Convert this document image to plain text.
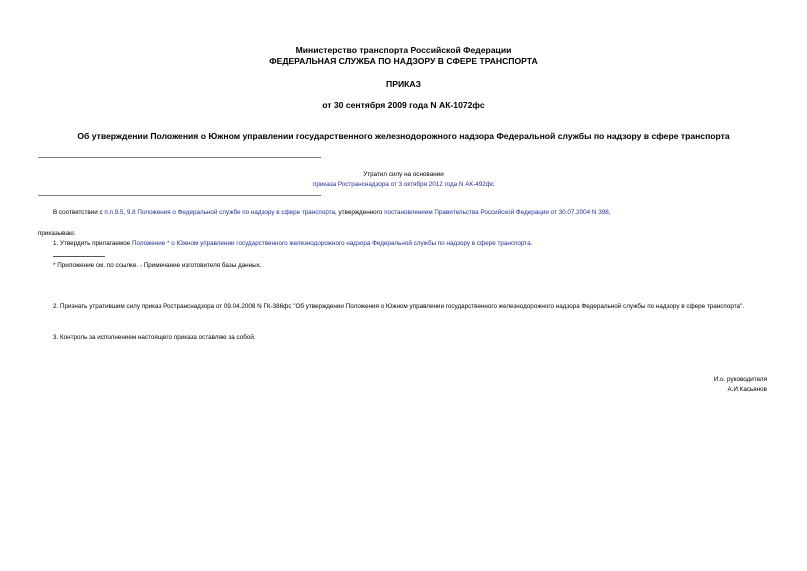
Министерство транспорта Российской Федерации
ФЕДЕРАЛЬНАЯ СЛУЖБА ПО НАДЗОРУ В СФЕРЕ ТРАНСПОРТА
ПРИКАЗ
от 30 сентября 2009 года N АК-1072фс
Об утверждении Положения о Южном управлении государственного железнодорожного надзора Федеральной службы по надзору в сфере транспорта
Утратил силу на основании
приказа Ространснадзора от 3 октября 2012 года N АК-492фс
В соответствии с п.п.9.5, 9.8 Положения о Федеральной службе по надзору в сфере транспорта, утвержденного постановлением Правительства Российской Федерации от 30.07.2004 N 398,
приказываю:
1. Утвердить прилагаемое Положение * о Южном управлении государственного железнодорожного надзора Федеральной службы по надзору в сфере транспорта.
* Приложение см. по ссылке. - Примечание изготовителя базы данных.
2. Признать утратившим силу приказ Ространснадзора от 09.04.2008 N ГК-386фс "Об утверждении Положения о Южном управлении государственного железнодорожного надзора Федеральной службы по надзору в сфере транспорта".
3. Контроль за исполнением настоящего приказа оставляю за собой.
И.о. руководителя
А.И.Касьянов
